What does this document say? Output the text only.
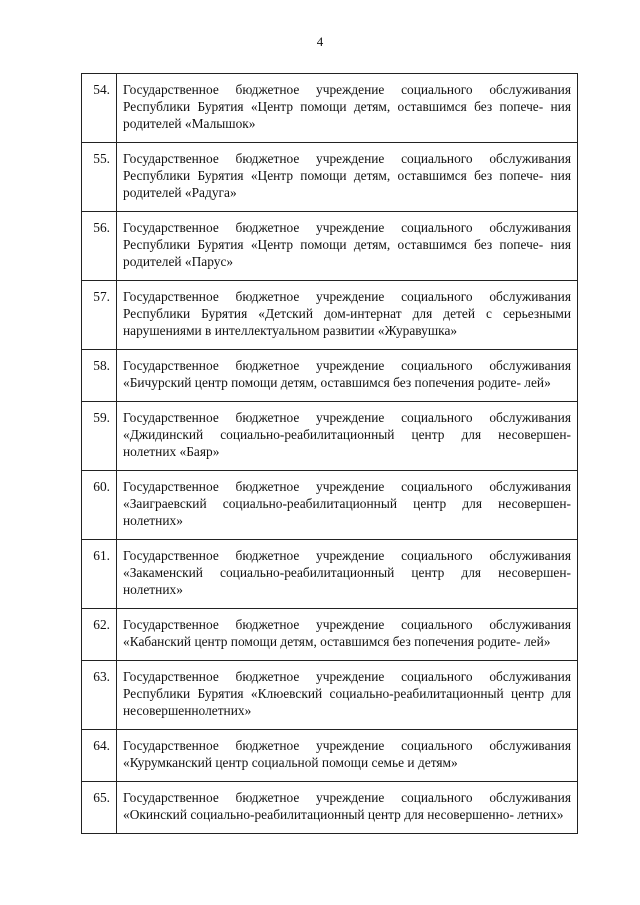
4
54.	Государственное бюджетное учреждение социального обслуживания Республики Бурятия «Центр помощи детям, оставшимся без попече- ния родителей «Малышок»
55.	Государственное бюджетное учреждение социального обслуживания Республики Бурятия «Центр помощи детям, оставшимся без попече- ния родителей «Радуга»
56.	Государственное бюджетное учреждение социального обслуживания Республики Бурятия «Центр помощи детям, оставшимся без попече- ния родителей «Парус»
57.	Государственное бюджетное учреждение социального обслуживания Республики Бурятия «Детский дом-интернат для детей с серьезными нарушениями в интеллектуальном развитии «Журавушка»
58.	Государственное бюджетное учреждение социального обслуживания «Бичурский центр помощи детям, оставшимся без попечения родите- лей»
59.	Государственное бюджетное учреждение социального обслуживания «Джидинский социально-реабилитационный центр для несовершен- нолетних «Баяр»
60.	Государственное бюджетное учреждение социального обслуживания «Заиграевский социально-реабилитационный центр для несовершен- нолетних»
61.	Государственное бюджетное учреждение социального обслуживания «Закаменский социально-реабилитационный центр для несовершен- нолетних»
62.	Государственное бюджетное учреждение социального обслуживания «Кабанский центр помощи детям, оставшимся без попечения родите- лей»
63.	Государственное бюджетное учреждение социального обслуживания Республики Бурятия «Клюевский социально-реабилитационный центр для несовершеннолетних»
64.	Государственное бюджетное учреждение социального обслуживания «Курумканский центр социальной помощи семье и детям»
65.	Государственное бюджетное учреждение социального обслуживания «Окинский социально-реабилитационный центр для несовершенно- летних»
